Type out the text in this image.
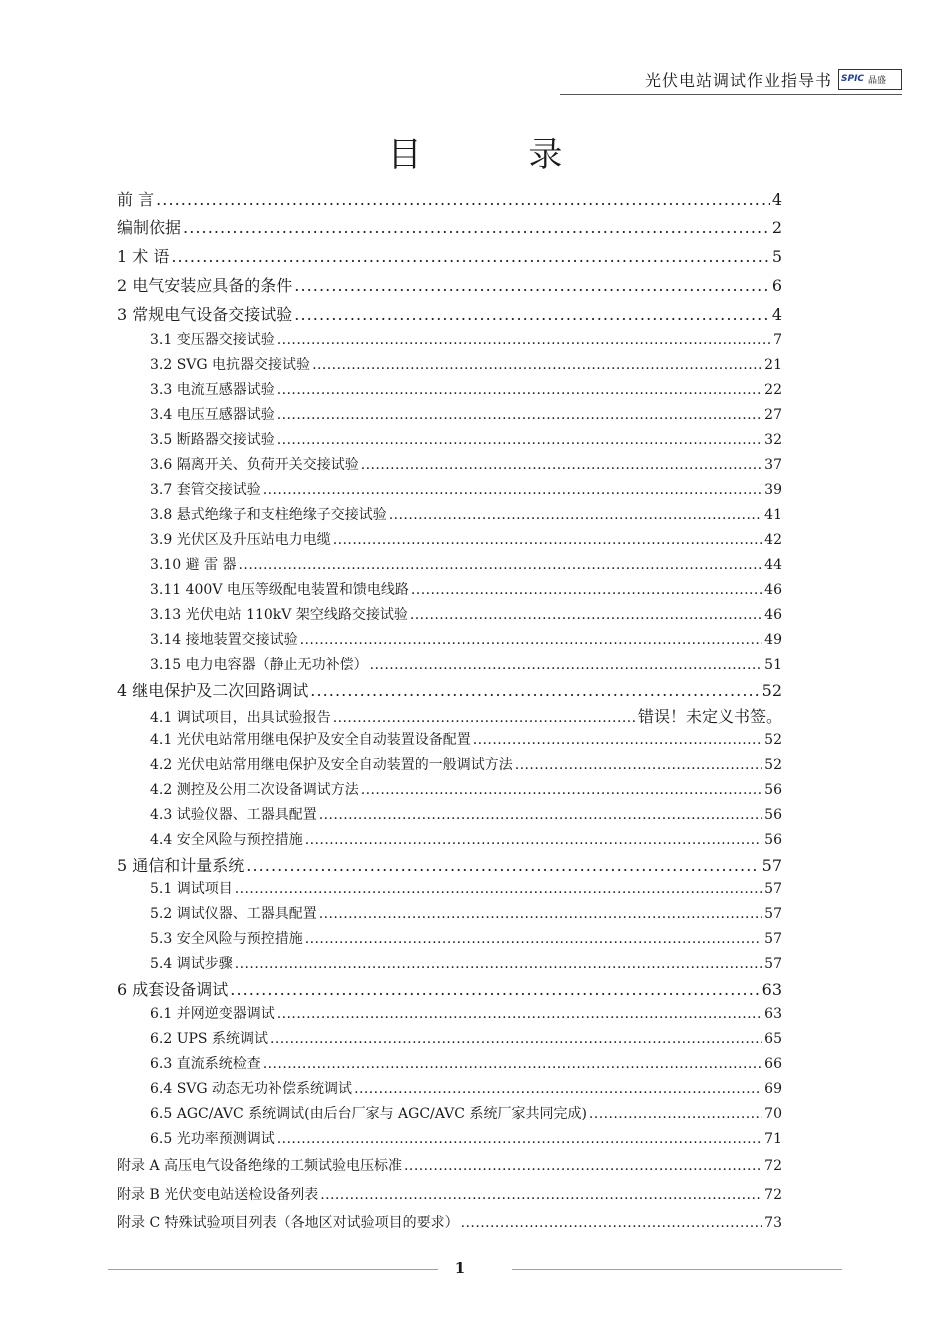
光伏电站调试作业指导书 SPIC 晶盛
目 录
前 言 . . .	4
编制依据 . . .	2
1 术 语 . . .	5
2 电气安装应具备的条件 . . .	6
3 常规电气设备交接试验 . . .	4
3.1 变压器交接试验 . . .	7
3.2 SVG 电抗器交接试验 . . .	21
3.3 电流互感器试验 . . .	22
3.4 电压互感器试验 . . .	27
3.5 断路器交接试验 . . .	32
3.6 隔离开关、负荷开关交接试验 . . .	37
3.7 套管交接试验 . . .	39
3.8 悬式绝缘子和支柱绝缘子交接试验 . . .	41
3.9 光伏区及升压站电力电缆 . . .	42
3.10 避 雷 器 . . .	44
3.11 400V 电压等级配电装置和馈电线路 . . .	46
3.13 光伏电站 110kV 架空线路交接试验 . . .	46
3.14 接地装置交接试验 . . .	49
3.15 电力电容器（静止无功补偿） . . .	51
4 继电保护及二次回路调试 . . .	52
4.1 调试项目，出具试验报告 . . .	错误！未定义书签。
4.1 光伏电站常用继电保护及安全自动装置设备配置 . . .	52
4.2 光伏电站常用继电保护及安全自动装置的一般调试方法 . . .	52
4.2 测控及公用二次设备调试方法 . . .	56
4.3 试验仪器、工器具配置 . . .	56
4.4 安全风险与预控措施 . . .	56
5 通信和计量系统 . . .	57
5.1 调试项目 . . .	57
5.2 调试仪器、工器具配置 . . .	57
5.3 安全风险与预控措施 . . .	57
5.4 调试步骤 . . .	57
6 成套设备调试 . . .	63
6.1 并网逆变器调试 . . .	63
6.2 UPS 系统调试 . . .	65
6.3 直流系统检查 . . .	66
6.4 SVG 动态无功补偿系统调试 . . .	69
6.5 AGC/AVC 系统调试(由后台厂家与 AGC/AVC 系统厂家共同完成) . . .	70
6.5 光功率预测调试 . . .	71
附录 A 高压电气设备绝缘的工频试验电压标准 . . .	72
附录 B 光伏变电站送检设备列表 . . .	72
附录 C 特殊试验项目列表（各地区对试验项目的要求） . . .	73
1
